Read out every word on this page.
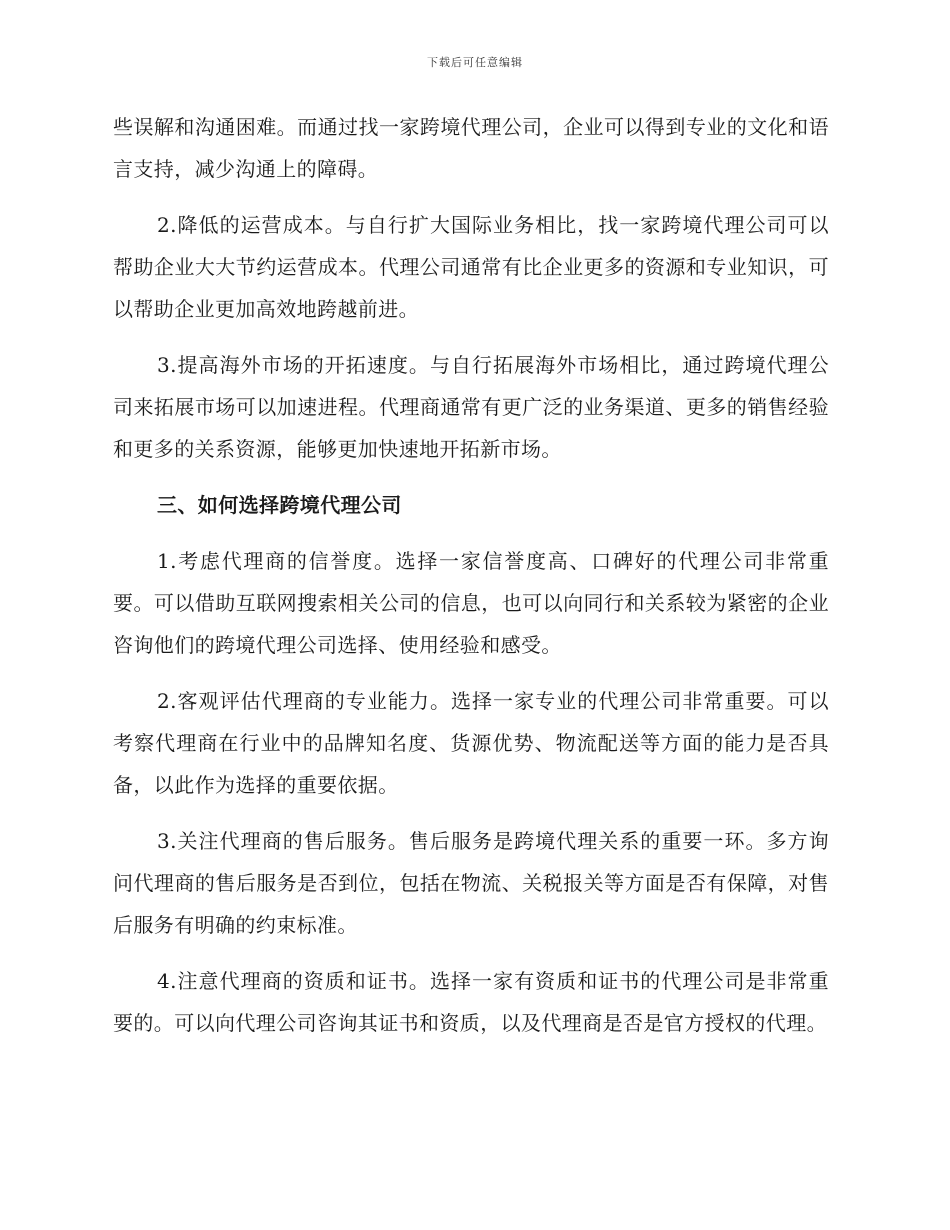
下载后可任意编辑

些误解和沟通困难。而通过找一家跨境代理公司，企业可以得到专业的文化和语言支持，减少沟通上的障碍。

2.降低的运营成本。与自行扩大国际业务相比，找一家跨境代理公司可以帮助企业大大节约运营成本。代理公司通常有比企业更多的资源和专业知识，可以帮助企业更加高效地跨越前进。

3.提高海外市场的开拓速度。与自行拓展海外市场相比，通过跨境代理公司来拓展市场可以加速进程。代理商通常有更广泛的业务渠道、更多的销售经验和更多的关系资源，能够更加快速地开拓新市场。

三、如何选择跨境代理公司

1.考虑代理商的信誉度。选择一家信誉度高、口碑好的代理公司非常重要。可以借助互联网搜索相关公司的信息，也可以向同行和关系较为紧密的企业咨询他们的跨境代理公司选择、使用经验和感受。

2.客观评估代理商的专业能力。选择一家专业的代理公司非常重要。可以考察代理商在行业中的品牌知名度、货源优势、物流配送等方面的能力是否具备，以此作为选择的重要依据。

3.关注代理商的售后服务。售后服务是跨境代理关系的重要一环。多方询问代理商的售后服务是否到位，包括在物流、关税报关等方面是否有保障，对售后服务有明确的约束标准。

4.注意代理商的资质和证书。选择一家有资质和证书的代理公司是非常重要的。可以向代理公司咨询其证书和资质，以及代理商是否是官方授权的代理。
